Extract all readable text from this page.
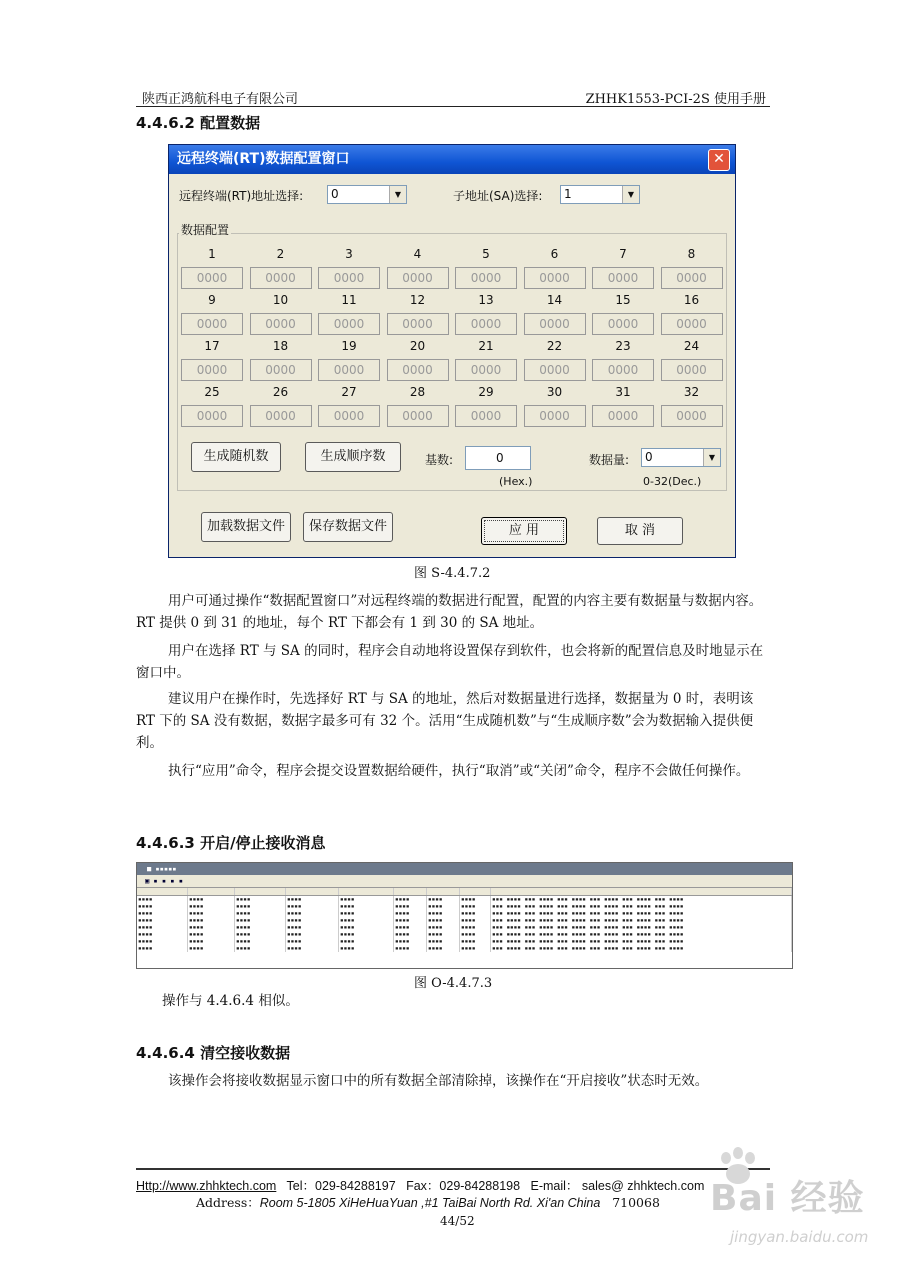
陕西正鸿航科电子有限公司	ZHHK1553-PCI-2S 使用手册
4.4.6.2 配置数据
远程终端(RT)数据配置窗口	✕
远程终端(RT)地址选择:	0	▼	子地址(SA)选择:	1	▼
数据配置
1
0000
2
0000
3
0000
4
0000
5
0000
6
0000
7
0000
8
0000
9
0000
10
0000
11
0000
12
0000
13
0000
14
0000
15
0000
16
0000
17
0000
18
0000
19
0000
20
0000
21
0000
22
0000
23
0000
24
0000
25
0000
26
0000
27
0000
28
0000
29
0000
30
0000
31
0000
32
0000
生成随机数	生成顺序数	基数:	0
(Hex.)
数据量:	0	▼
0-32(Dec.)
加载数据文件	保存数据文件	应 用	取 消
图 S-4.4.7.2
用户可通过操作“数据配置窗口”对远程终端的数据进行配置，配置的内容主要有数据量与数据内容。RT 提供 0 到 31 的地址，每个 RT 下都会有 1 到 30 的 SA 地址。
用户在选择 RT 与 SA 的同时，程序会自动地将设置保存到软件，也会将新的配置信息及时地显示在窗口中。
建议用户在操作时，先选择好 RT 与 SA 的地址，然后对数据量进行选择，数据量为 0 时，表明该 RT 下的 SA 没有数据，数据字最多可有 32 个。活用“生成随机数”与“生成顺序数”会为数据输入提供便利。
执行“应用”命令，程序会提交设置数据给硬件，执行“取消”或“关闭”命令，程序不会做任何操作。
4.4.6.3 开启/停止接收消息
■ ▪▪▪▪▪
▣ ▪ ▪ ▪ ▪

▪▪▪▪	▪▪▪▪	▪▪▪▪	▪▪▪▪	▪▪▪▪	▪▪▪▪	▪▪▪▪	▪▪▪▪	▪▪▪ ▪▪▪▪ ▪▪▪ ▪▪▪▪ ▪▪▪ ▪▪▪▪ ▪▪▪ ▪▪▪▪ ▪▪▪ ▪▪▪▪ ▪▪▪ ▪▪▪▪
▪▪▪▪	▪▪▪▪	▪▪▪▪	▪▪▪▪	▪▪▪▪	▪▪▪▪	▪▪▪▪	▪▪▪▪	▪▪▪ ▪▪▪▪ ▪▪▪ ▪▪▪▪ ▪▪▪ ▪▪▪▪ ▪▪▪ ▪▪▪▪ ▪▪▪ ▪▪▪▪ ▪▪▪ ▪▪▪▪
▪▪▪▪	▪▪▪▪	▪▪▪▪	▪▪▪▪	▪▪▪▪	▪▪▪▪	▪▪▪▪	▪▪▪▪	▪▪▪ ▪▪▪▪ ▪▪▪ ▪▪▪▪ ▪▪▪ ▪▪▪▪ ▪▪▪ ▪▪▪▪ ▪▪▪ ▪▪▪▪ ▪▪▪ ▪▪▪▪
▪▪▪▪	▪▪▪▪	▪▪▪▪	▪▪▪▪	▪▪▪▪	▪▪▪▪	▪▪▪▪	▪▪▪▪	▪▪▪ ▪▪▪▪ ▪▪▪ ▪▪▪▪ ▪▪▪ ▪▪▪▪ ▪▪▪ ▪▪▪▪ ▪▪▪ ▪▪▪▪ ▪▪▪ ▪▪▪▪
▪▪▪▪	▪▪▪▪	▪▪▪▪	▪▪▪▪	▪▪▪▪	▪▪▪▪	▪▪▪▪	▪▪▪▪	▪▪▪ ▪▪▪▪ ▪▪▪ ▪▪▪▪ ▪▪▪ ▪▪▪▪ ▪▪▪ ▪▪▪▪ ▪▪▪ ▪▪▪▪ ▪▪▪ ▪▪▪▪
▪▪▪▪	▪▪▪▪	▪▪▪▪	▪▪▪▪	▪▪▪▪	▪▪▪▪	▪▪▪▪	▪▪▪▪	▪▪▪ ▪▪▪▪ ▪▪▪ ▪▪▪▪ ▪▪▪ ▪▪▪▪ ▪▪▪ ▪▪▪▪ ▪▪▪ ▪▪▪▪ ▪▪▪ ▪▪▪▪
▪▪▪▪	▪▪▪▪	▪▪▪▪	▪▪▪▪	▪▪▪▪	▪▪▪▪	▪▪▪▪	▪▪▪▪	▪▪▪ ▪▪▪▪ ▪▪▪ ▪▪▪▪ ▪▪▪ ▪▪▪▪ ▪▪▪ ▪▪▪▪ ▪▪▪ ▪▪▪▪ ▪▪▪ ▪▪▪▪
▪▪▪▪	▪▪▪▪	▪▪▪▪	▪▪▪▪	▪▪▪▪	▪▪▪▪	▪▪▪▪	▪▪▪▪	▪▪▪ ▪▪▪▪ ▪▪▪ ▪▪▪▪ ▪▪▪ ▪▪▪▪ ▪▪▪ ▪▪▪▪ ▪▪▪ ▪▪▪▪ ▪▪▪ ▪▪▪▪
图 O-4.4.7.3
操作与 4.4.6.4 相似。
4.4.6.4 清空接收数据
该操作会将接收数据显示窗口中的所有数据全部清除掉，该操作在“开启接收”状态时无效。
Http://www.zhhktech.com Tel：029-84288197 Fax：029-84288198 E-mail： sales@ zhhktech.com
Address：Room 5-1805 XiHeHuaYuan ,#1 TaiBai North Rd. Xi'an China 710068
44/52
Bai 经验
jingyan.baidu.com
